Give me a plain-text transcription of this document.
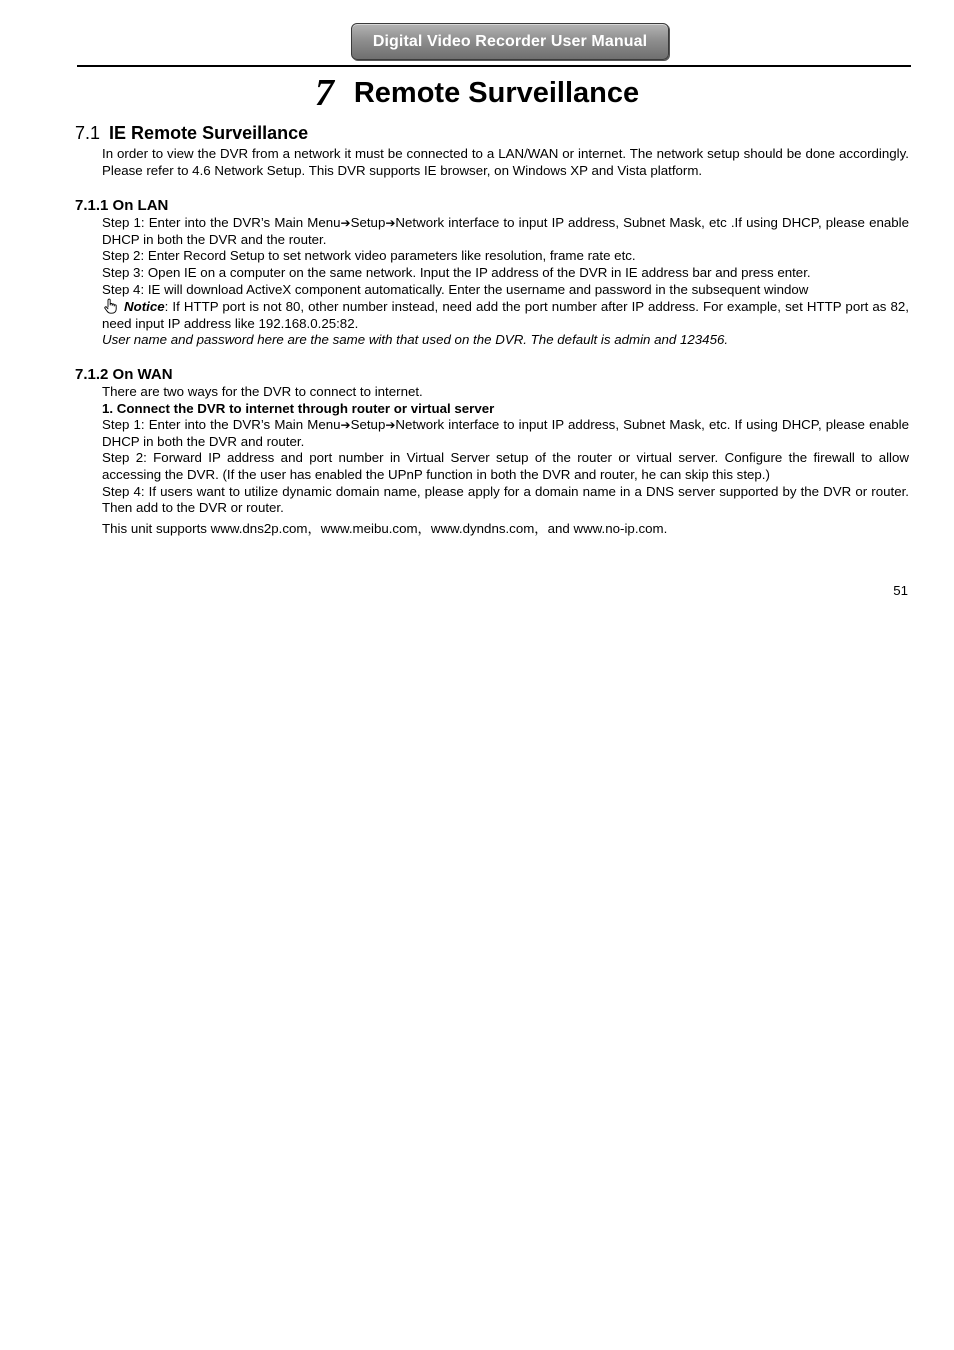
Digital Video Recorder User Manual
7 Remote Surveillance
7.1 IE Remote Surveillance

In order to view the DVR from a network it must be connected to a LAN/WAN or internet. The network setup should be done accordingly. Please refer to 4.6 Network Setup. This DVR supports IE browser, on Windows XP and Vista platform.

7.1.1 On LAN

Step 1: Enter into the DVR’s Main Menu➔Setup➔Network interface to input IP address, Subnet Mask, etc .If using DHCP, please enable DHCP in both the DVR and the router.

Step 2: Enter Record Setup to set network video parameters like resolution, frame rate etc.

Step 3: Open IE on a computer on the same network. Input the IP address of the DVR in IE address bar and press enter.

Step 4: IE will download ActiveX component automatically. Enter the username and password in the subsequent window

Notice: If HTTP port is not 80, other number instead, need add the port number after IP address. For example, set HTTP port as 82, need input IP address like 192.168.0.25:82.

User name and password here are the same with that used on the DVR. The default is admin and 123456.

7.1.2 On WAN

There are two ways for the DVR to connect to internet.

1. Connect the DVR to internet through router or virtual server

Step 1: Enter into the DVR’s Main Menu➔Setup➔Network interface to input IP address, Subnet Mask, etc. If using DHCP, please enable DHCP in both the DVR and router.

Step 2: Forward IP address and port number in Virtual Server setup of the router or virtual server. Configure the firewall to allow accessing the DVR. (If the user has enabled the UPnP function in both the DVR and router, he can skip this step.)

Step 4: If users want to utilize dynamic domain name, please apply for a domain name in a DNS server supported by the DVR or router. Then add to the DVR or router.

This unit supports www.dns2p.com，www.meibu.com，www.dyndns.com，and www.no-ip.com.

51
